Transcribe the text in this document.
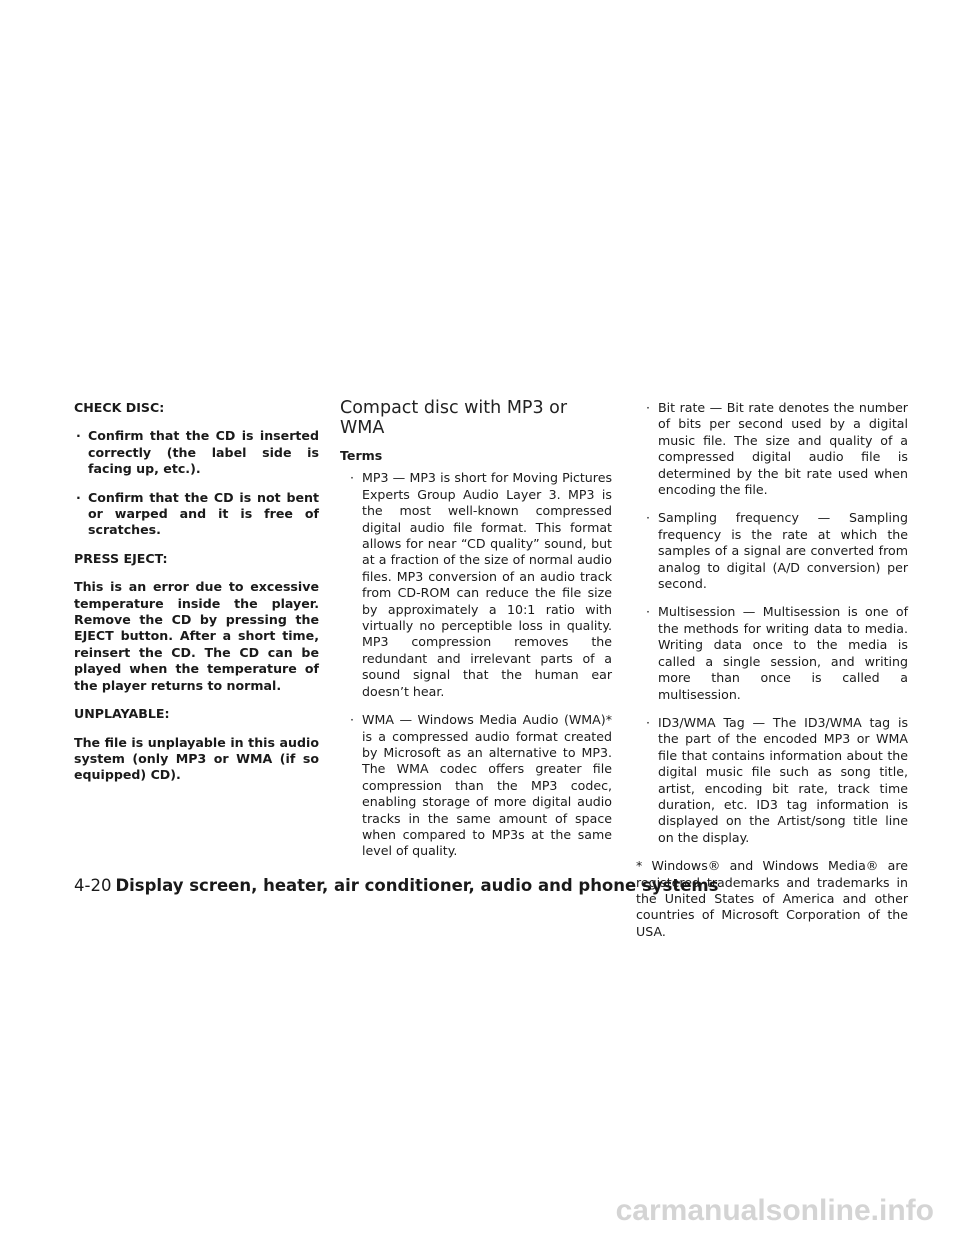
CHECK DISC:

· Confirm that the CD is inserted correctly (the label side is facing up, etc.).
· Confirm that the CD is not bent or warped and it is free of scratches.

PRESS EJECT:

This is an error due to excessive temperature inside the player. Remove the CD by pressing the EJECT button. After a short time, reinsert the CD. The CD can be played when the temperature of the player returns to normal.

UNPLAYABLE:

The file is unplayable in this audio system (only MP3 or WMA (if so equipped) CD).

Compact disc with MP3 or WMA
Terms
· MP3 — MP3 is short for Moving Pictures Experts Group Audio Layer 3. MP3 is the most well-known compressed digital audio file format. This format allows for near “CD quality” sound, but at a fraction of the size of normal audio files. MP3 conversion of an audio track from CD-ROM can reduce the file size by approximately a 10:1 ratio with virtually no perceptible loss in quality. MP3 compression removes the redundant and irrelevant parts of a sound signal that the human ear doesn’t hear.
· WMA — Windows Media Audio (WMA)* is a compressed audio format created by Microsoft as an alternative to MP3. The WMA codec offers greater file compression than the MP3 codec, enabling storage of more digital audio tracks in the same amount of space when compared to MP3s at the same level of quality.
· Bit rate — Bit rate denotes the number of bits per second used by a digital music file. The size and quality of a compressed digital audio file is determined by the bit rate used when encoding the file.
· Sampling frequency — Sampling frequency is the rate at which the samples of a signal are converted from analog to digital (A/D conversion) per second.
· Multisession — Multisession is one of the methods for writing data to media. Writing data once to the media is called a single session, and writing more than once is called a multisession.
· ID3/WMA Tag — The ID3/WMA tag is the part of the encoded MP3 or WMA file that contains information about the digital music file such as song title, artist, encoding bit rate, track time duration, etc. ID3 tag information is displayed on the Artist/song title line on the display.

* Windows® and Windows Media® are registered trademarks and trademarks in the United States of America and other countries of Microsoft Corporation of the USA.

4-20 Display screen, heater, air conditioner, audio and phone systems
carmanualsonline.info
